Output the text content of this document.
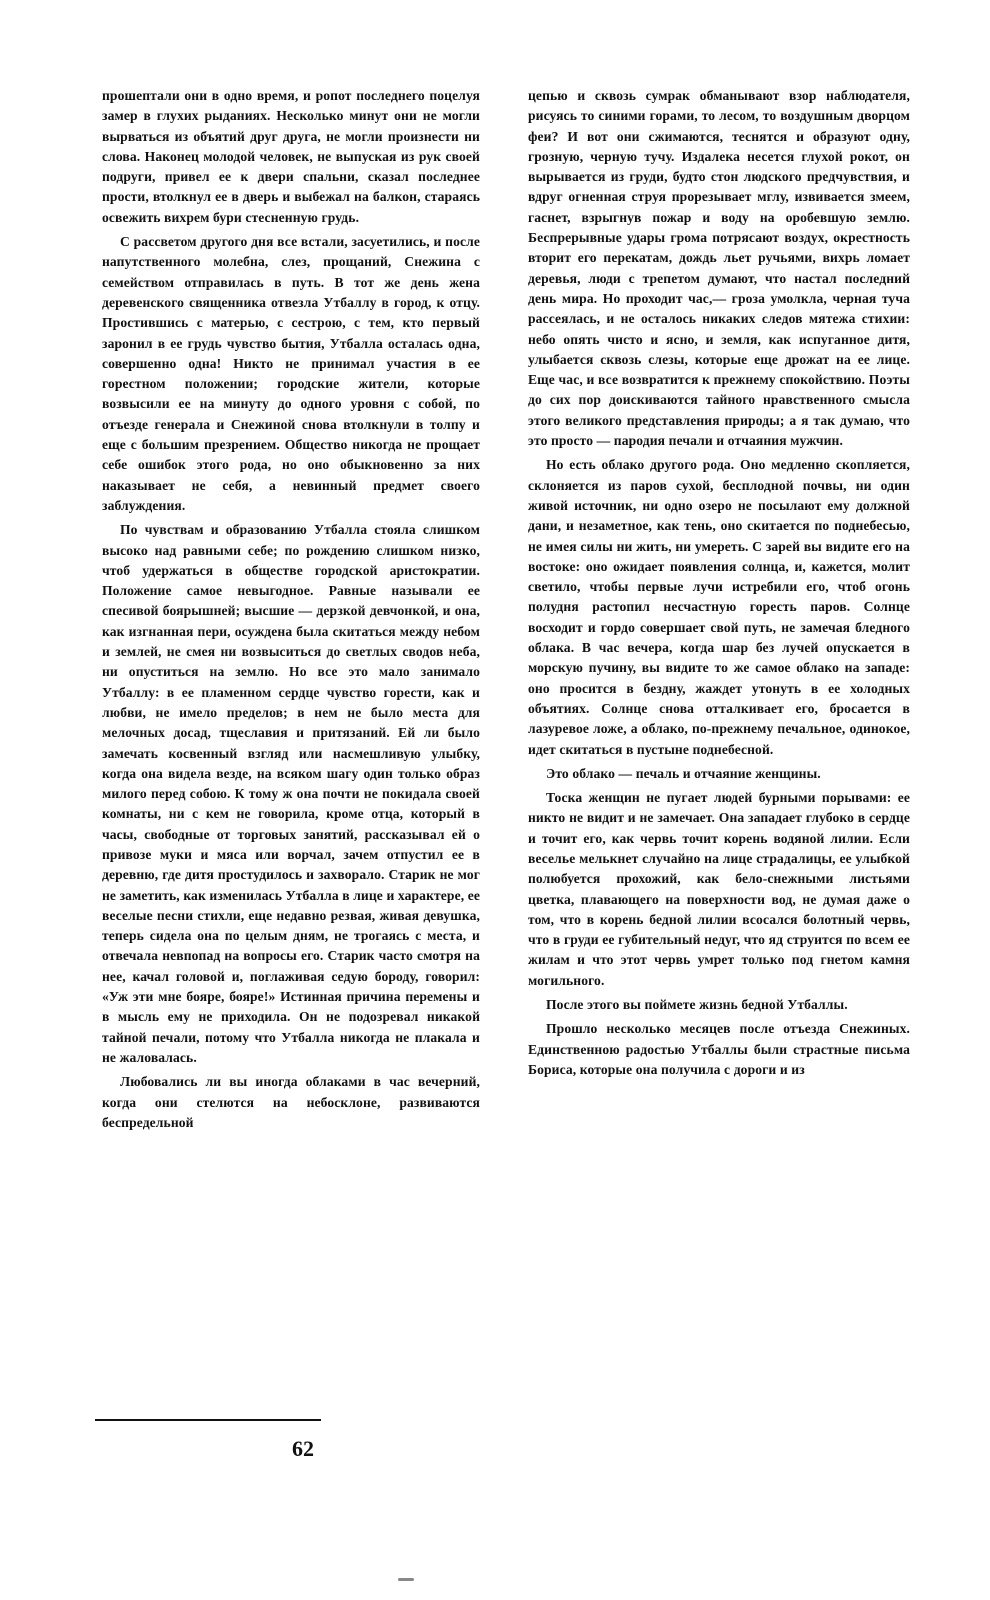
прошептали они в одно время, и ропот последнего поцелуя замер в глухих рыданиях. Несколько минут они не могли вырваться из объятий друг друга, не могли произнести ни слова. Наконец молодой человек, не выпуская из рук своей подруги, привел ее к двери спальни, сказал последнее прости, втолкнул ее в дверь и выбежал на балкон, стараясь освежить вихрем бури стесненную грудь.

С рассветом другого дня все встали, засуетились, и после напутственного молебна, слез, прощаний, Снежина с семейством отправилась в путь. В тот же день жена деревенского священника отвезла Утбаллу в город, к отцу. Простившись с матерью, с сестрою, с тем, кто первый заронил в ее грудь чувство бытия, Утбалла осталась одна, совершенно одна! Никто не принимал участия в ее горестном положении; городские жители, которые возвысили ее на минуту до одного уровня с собой, по отъезде генерала и Снежиной снова втолкнули в толпу и еще с большим презрением. Общество никогда не прощает себе ошибок этого рода, но оно обыкновенно за них наказывает не себя, а невинный предмет своего заблуждения.

По чувствам и образованию Утбалла стояла слишком высоко над равными себе; по рождению слишком низко, чтоб удержаться в обществе городской аристократии. Положение самое невыгодное. Равные называли ее спесивой боярышней; высшие — дерзкой девчонкой, и она, как изгнанная пери, осуждена была скитаться между небом и землей, не смея ни возвыситься до светлых сводов неба, ни опуститься на землю. Но все это мало занимало Утбаллу: в ее пламенном сердце чувство горести, как и любви, не имело пределов; в нем не было места для мелочных досад, тщеславия и притязаний. Ей ли было замечать косвенный взгляд или насмешливую улыбку, когда она видела везде, на всяком шагу один только образ милого перед собою. К тому ж она почти не покидала своей комнаты, ни с кем не говорила, кроме отца, который в часы, свободные от торговых занятий, рассказывал ей о привозе муки и мяса или ворчал, зачем отпустил ее в деревню, где дитя простудилось и захворало. Старик не мог не заметить, как изменилась Утбалла в лице и характере, ее веселые песни стихли, еще недавно резвая, живая девушка, теперь сидела она по целым дням, не трогаясь с места, и отвечала невпопад на вопросы его. Старик часто смотря на нее, качал головой и, поглаживая седую бороду, говорил: «Уж эти мне бояре, бояре!» Истинная причина перемены и в мысль ему не приходила. Он не подозревал никакой тайной печали, потому что Утбалла никогда не плакала и не жаловалась.

Любовались ли вы иногда облаками в час вечерний, когда они стелются на небосклоне, развиваются беспредельной

цепью и сквозь сумрак обманывают взор наблюдателя, рисуясь то синими горами, то лесом, то воздушным дворцом феи? И вот они сжимаются, теснятся и образуют одну, грозную, черную тучу. Издалека несется глухой рокот, он вырывается из груди, будто стон людского предчувствия, и вдруг огненная струя прорезывает мглу, извивается змеем, гаснет, взрыгнув пожар и воду на оробевшую землю. Беспрерывные удары грома потрясают воздух, окрестность вторит его перекатам, дождь льет ручьями, вихрь ломает деревья, люди с трепетом думают, что настал последний день мира. Но проходит час,— гроза умолкла, черная туча рассеялась, и не осталось никаких следов мятежа стихии: небо опять чисто и ясно, и земля, как испуганное дитя, улыбается сквозь слезы, которые еще дрожат на ее лице. Еще час, и все возвратится к прежнему спокойствию. Поэты до сих пор доискиваются тайного нравственного смысла этого великого представления природы; а я так думаю, что это просто — пародия печали и отчаяния мужчин.

Но есть облако другого рода. Оно медленно скопляется, склоняется из паров сухой, бесплодной почвы, ни один живой источник, ни одно озеро не посылают ему должной дани, и незаметное, как тень, оно скитается по поднебесью, не имея силы ни жить, ни умереть. С зарей вы видите его на востоке: оно ожидает появления солнца, и, кажется, молит светило, чтобы первые лучи истребили его, чтоб огонь полудня растопил несчастную горесть паров. Солнце восходит и гордо совершает свой путь, не замечая бледного облака. В час вечера, когда шар без лучей опускается в морскую пучину, вы видите то же самое облако на западе: оно просится в бездну, жаждет утонуть в ее холодных объятиях. Солнце снова отталкивает его, бросается в лазуревое ложе, а облако, по-прежнему печальное, одинокое, идет скитаться в пустыне поднебесной.

Это облако — печаль и отчаяние женщины.

Тоска женщин не пугает людей бурными порывами: ее никто не видит и не замечает. Она западает глубоко в сердце и точит его, как червь точит корень водяной лилии. Если веселье мелькнет случайно на лице страдалицы, ее улыбкой полюбуется прохожий, как бело-снежными листьями цветка, плавающего на поверхности вод, не думая даже о том, что в корень бедной лилии всосался болотный червь, что в груди ее губительный недуг, что яд струится по всем ее жилам и что этот червь умрет только под гнетом камня могильного.

После этого вы поймете жизнь бедной Утбаллы.

Прошло несколько месяцев после отъезда Снежиных. Единственною радостью Утбаллы были страстные письма Бориса, которые она получила с дороги и из

62
